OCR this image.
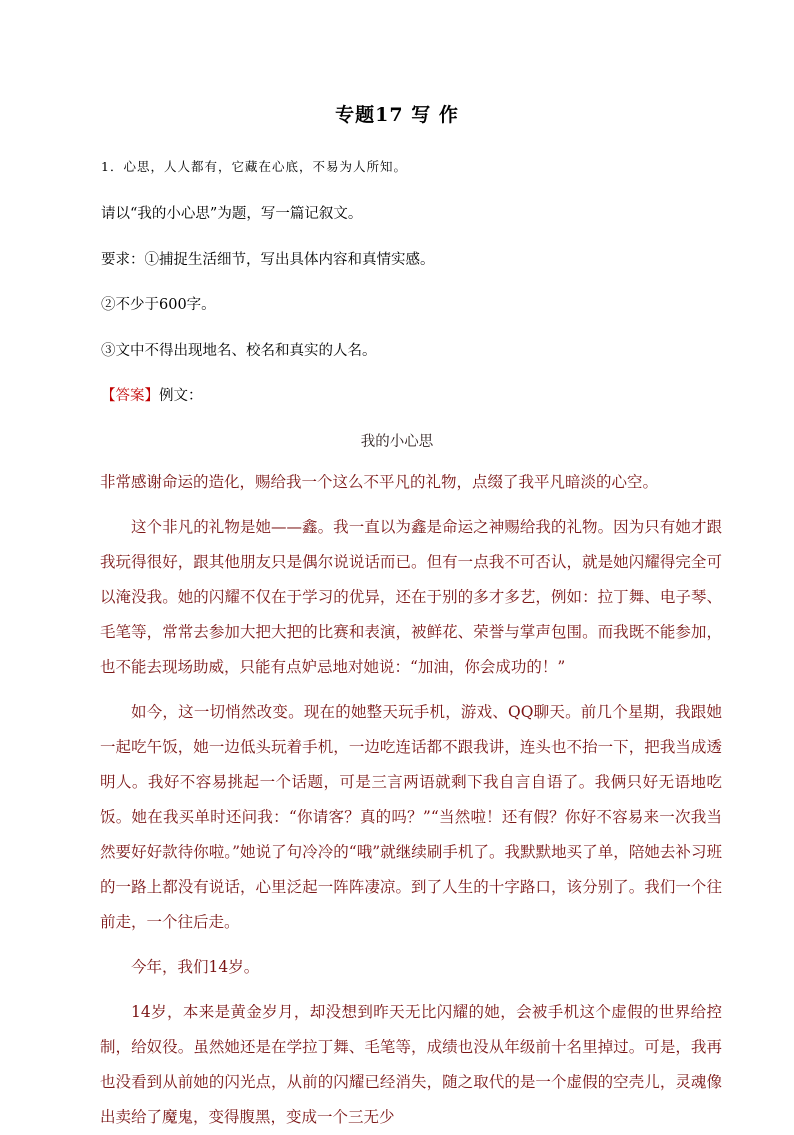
专题17 写 作
1．心思，人人都有，它藏在心底，不易为人所知。
请以“我的小心思”为题，写一篇记叙文。
要求：①捕捉生活细节，写出具体内容和真情实感。
②不少于600字。
③文中不得出现地名、校名和真实的人名。
【答案】例文：
我的小心思

非常感谢命运的造化，赐给我一个这么不平凡的礼物，点缀了我平凡暗淡的心空。

这个非凡的礼物是她——鑫。我一直以为鑫是命运之神赐给我的礼物。因为只有她才跟我玩得很好，跟其他朋友只是偶尔说说话而已。但有一点我不可否认，就是她闪耀得完全可以淹没我。她的闪耀不仅在于学习的优异，还在于别的多才多艺，例如：拉丁舞、电子琴、毛笔等，常常去参加大把大把的比赛和表演，被鲜花、荣誉与掌声包围。而我既不能参加，也不能去现场助威，只能有点妒忌地对她说：“加油，你会成功的！”

如今，这一切悄然改变。现在的她整天玩手机，游戏、QQ聊天。前几个星期，我跟她一起吃午饭，她一边低头玩着手机，一边吃连话都不跟我讲，连头也不抬一下，把我当成透明人。我好不容易挑起一个话题，可是三言两语就剩下我自言自语了。我俩只好无语地吃饭。她在我买单时还问我：“你请客？真的吗？”“当然啦！还有假？你好不容易来一次我当然要好好款待你啦。”她说了句冷冷的“哦”就继续刷手机了。我默默地买了单，陪她去补习班的一路上都没有说话，心里泛起一阵阵凄凉。到了人生的十字路口，该分别了。我们一个往前走，一个往后走。

今年，我们14岁。

14岁，本来是黄金岁月，却没想到昨天无比闪耀的她，会被手机这个虚假的世界给控制，给奴役。虽然她还是在学拉丁舞、毛笔等，成绩也没从年级前十名里掉过。可是，我再也没看到从前她的闪光点，从前的闪耀已经消失，随之取代的是一个虚假的空壳儿，灵魂像出卖给了魔鬼，变得腹黑，变成一个三无少
